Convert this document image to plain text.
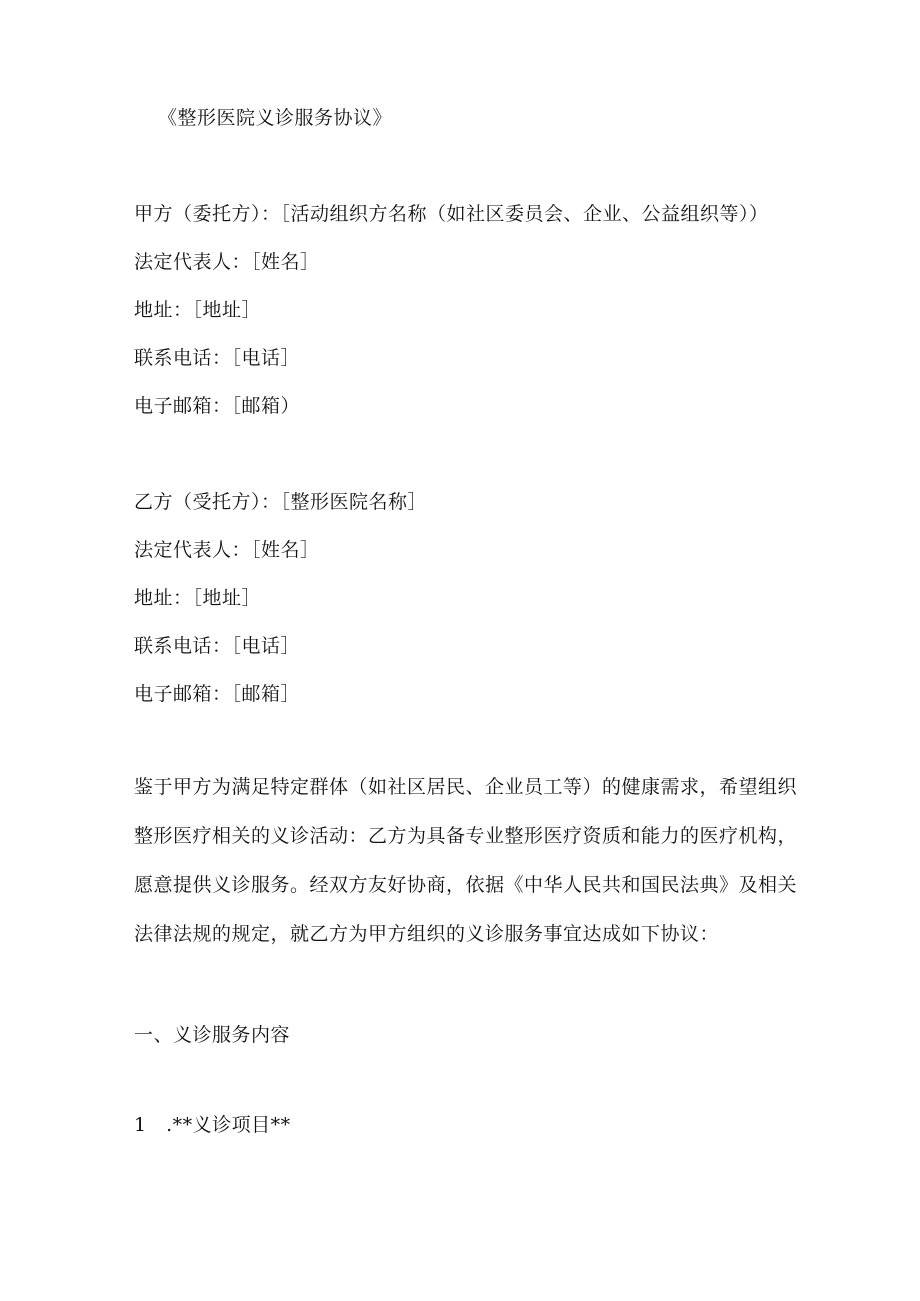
《整形医院义诊服务协议》
甲方（委托方）：［活动组织方名称（如社区委员会、企业、公益组织等））
法定代表人：［姓名］
地址：［地址］
联系电话：［电话］
电子邮箱：［邮箱）
乙方（受托方）：［整形医院名称］
法定代表人：［姓名］
地址：［地址］
联系电话：［电话］
电子邮箱：［邮箱］
鉴于甲方为满足特定群体（如社区居民、企业员工等）的健康需求，希望组织
整形医疗相关的义诊活动：乙方为具备专业整形医疗资质和能力的医疗机构，
愿意提供义诊服务。经双方友好协商，依据《中华人民共和国民法典》及相关
法律法规的规定，就乙方为甲方组织的义诊服务事宜达成如下协议：
一、义诊服务内容
1　.**义诊项目**
